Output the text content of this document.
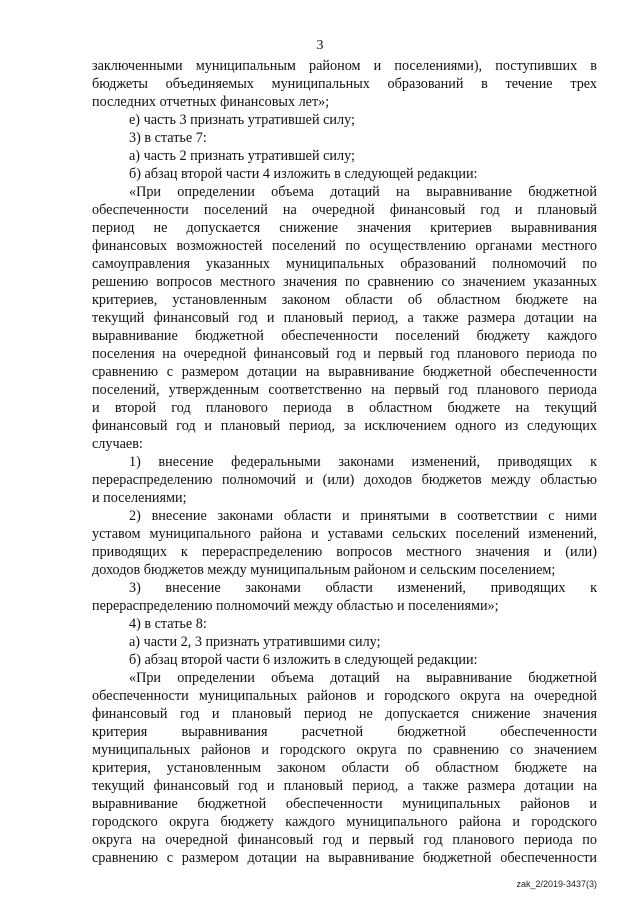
3
заключенными муниципальным районом и поселениями), поступивших в
бюджеты объединяемых муниципальных образований в течение трех
последних отчетных финансовых лет»;
е) часть 3 признать утратившей силу;
3) в статье 7:
а) часть 2 признать утратившей силу;
б) абзац второй части 4 изложить в следующей редакции:
«При определении объема дотаций на выравнивание бюджетной
обеспеченности поселений на очередной финансовый год и плановый
период не допускается снижение значения критериев выравнивания
финансовых возможностей поселений по осуществлению органами местного
самоуправления указанных муниципальных образований полномочий по
решению вопросов местного значения по сравнению со значением указанных
критериев, установленным законом области об областном бюджете на
текущий финансовый год и плановый период, а также размера дотации на
выравнивание бюджетной обеспеченности поселений бюджету каждого
поселения на очередной финансовый год и первый год планового периода по
сравнению с размером дотации на выравнивание бюджетной обеспеченности
поселений, утвержденным соответственно на первый год планового периода
и второй год планового периода в областном бюджете на текущий
финансовый год и плановый период, за исключением одного из следующих
случаев:
1) внесение федеральными законами изменений, приводящих к
перераспределению полномочий и (или) доходов бюджетов между областью
и поселениями;
2) внесение законами области и принятыми в соответствии с ними
уставом муниципального района и уставами сельских поселений изменений,
приводящих к перераспределению вопросов местного значения и (или)
доходов бюджетов между муниципальным районом и сельским поселением;
3) внесение законами области изменений, приводящих к
перераспределению полномочий между областью и поселениями»;
4) в статье 8:
а) части 2, 3 признать утратившими силу;
б) абзац второй части 6 изложить в следующей редакции:
«При определении объема дотаций на выравнивание бюджетной
обеспеченности муниципальных районов и городского округа на очередной
финансовый год и плановый период не допускается снижение значения
критерия выравнивания расчетной бюджетной обеспеченности
муниципальных районов и городского округа по сравнению со значением
критерия, установленным законом области об областном бюджете на
текущий финансовый год и плановый период, а также размера дотации на
выравнивание бюджетной обеспеченности муниципальных районов и
городского округа бюджету каждого муниципального района и городского
округа на очередной финансовый год и первый год планового периода по
сравнению с размером дотации на выравнивание бюджетной обеспеченности
zak_2/2019-3437(3)
